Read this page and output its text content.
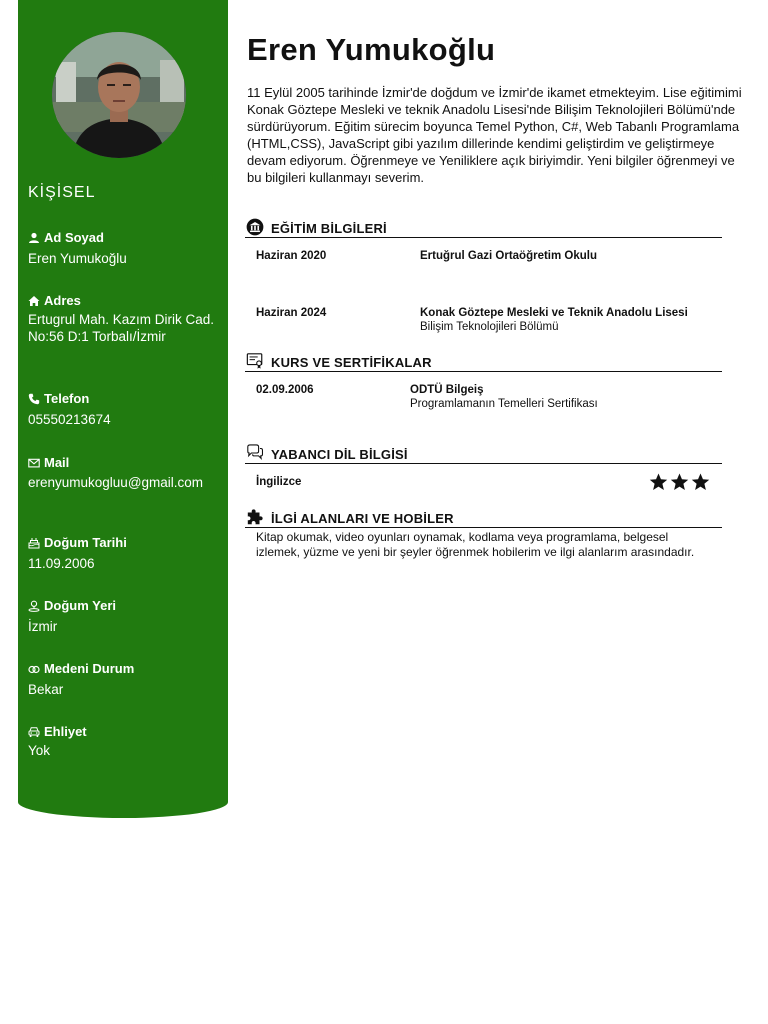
KİŞİSEL
Ad Soyad
Eren Yumukoğlu
Adres
Ertugrul Mah. Kazım Dirik Cad. No:56 D:1 Torbalı/İzmir
Telefon
05550213674
Mail
erenyumukogluu@gmail.com
Doğum Tarihi
11.09.2006
Doğum Yeri
İzmir
Medeni Durum
Bekar
Ehliyet
Yok
Eren Yumukoğlu

11 Eylül 2005 tarihinde İzmir'de doğdum ve İzmir'de ikamet etmekteyim. Lise eğitimimi Konak Göztepe Mesleki ve teknik Anadolu Lisesi'nde Bilişim Teknolojileri Bölümü'nde sürdürüyorum. Eğitim sürecim boyunca Temel Python, C#, Web Tabanlı Programlama (HTML,CSS), JavaScript gibi yazılım dillerinde kendimi geliştirdim ve geliştirmeye devam ediyorum. Öğrenmeye ve Yeniliklere açık biriyimdir. Yeni bilgiler öğrenmeyi ve bu bilgileri kullanmayı severim.

EĞİTİM BİLGİLERİ
Haziran 2020	Ertuğrul Gazi Ortaöğretim Okulu
Haziran 2024	Konak Göztepe Mesleki ve Teknik Anadolu Lisesi
Bilişim Teknolojileri Bölümü
KURS VE SERTİFİKALAR
02.09.2006	ODTÜ Bilgeiş
Programlamanın Temelleri Sertifikası
YABANCI DİL BİLGİSİ
İngilizce
İLGİ ALANLARI VE HOBİLER

Kitap okumak, video oyunları oynamak, kodlama veya programlama, belgesel izlemek, yüzme ve yeni bir şeyler öğrenmek hobilerim ve ilgi alanlarım arasındadır.
